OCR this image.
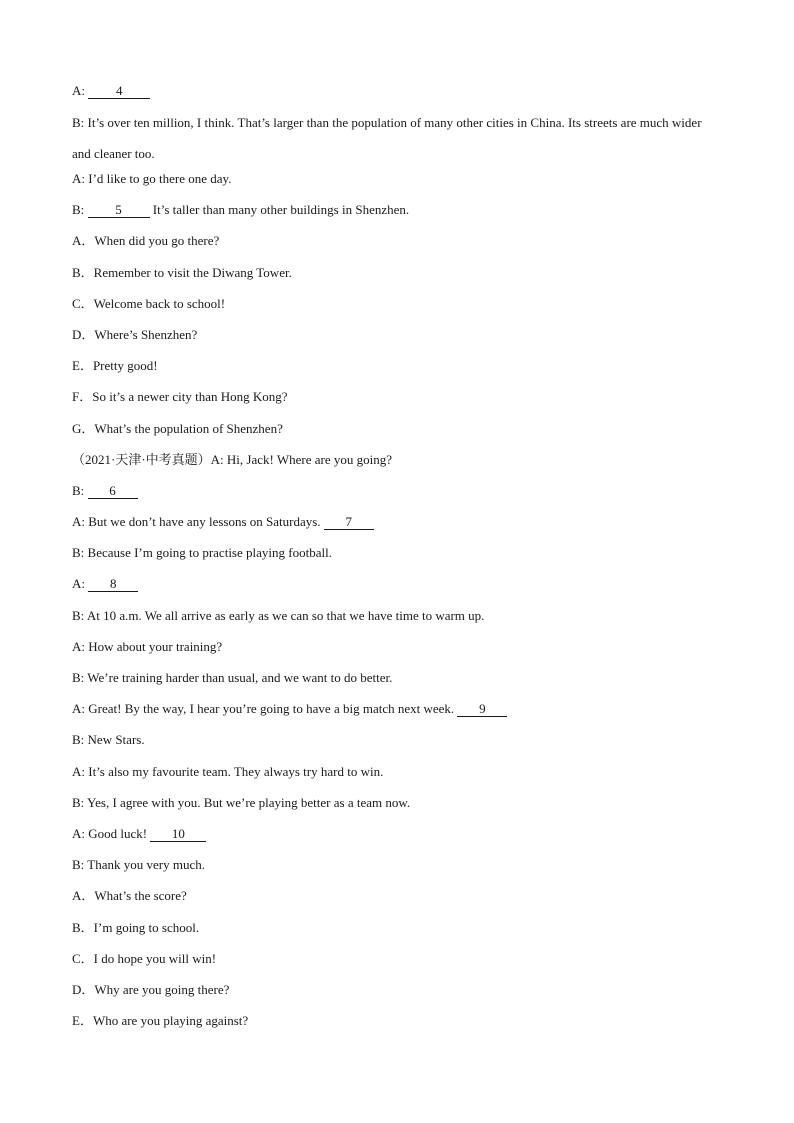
A: 4
B: It’s over ten million, I think. That’s larger than the population of many other cities in China. Its streets are much wider and cleaner too.
A: I’d like to go there one day.
B: 5 It’s taller than many other buildings in Shenzhen.
A．When did you go there?
B．Remember to visit the Diwang Tower.
C．Welcome back to school!
D．Where’s Shenzhen?
E．Pretty good!
F．So it’s a newer city than Hong Kong?
G．What’s the population of Shenzhen?
（2021·天津·中考真题）A: Hi, Jack! Where are you going?
B: 6
A: But we don’t have any lessons on Saturdays. 7
B: Because I’m going to practise playing football.
A: 8
B: At 10 a.m. We all arrive as early as we can so that we have time to warm up.
A: How about your training?
B: We’re training harder than usual, and we want to do better.
A: Great! By the way, I hear you’re going to have a big match next week. 9
B: New Stars.
A: It’s also my favourite team. They always try hard to win.
B: Yes, I agree with you. But we’re playing better as a team now.
A: Good luck! 10
B: Thank you very much.
A．What’s the score?
B．I’m going to school.
C．I do hope you will win!
D．Why are you going there?
E．Who are you playing against?
